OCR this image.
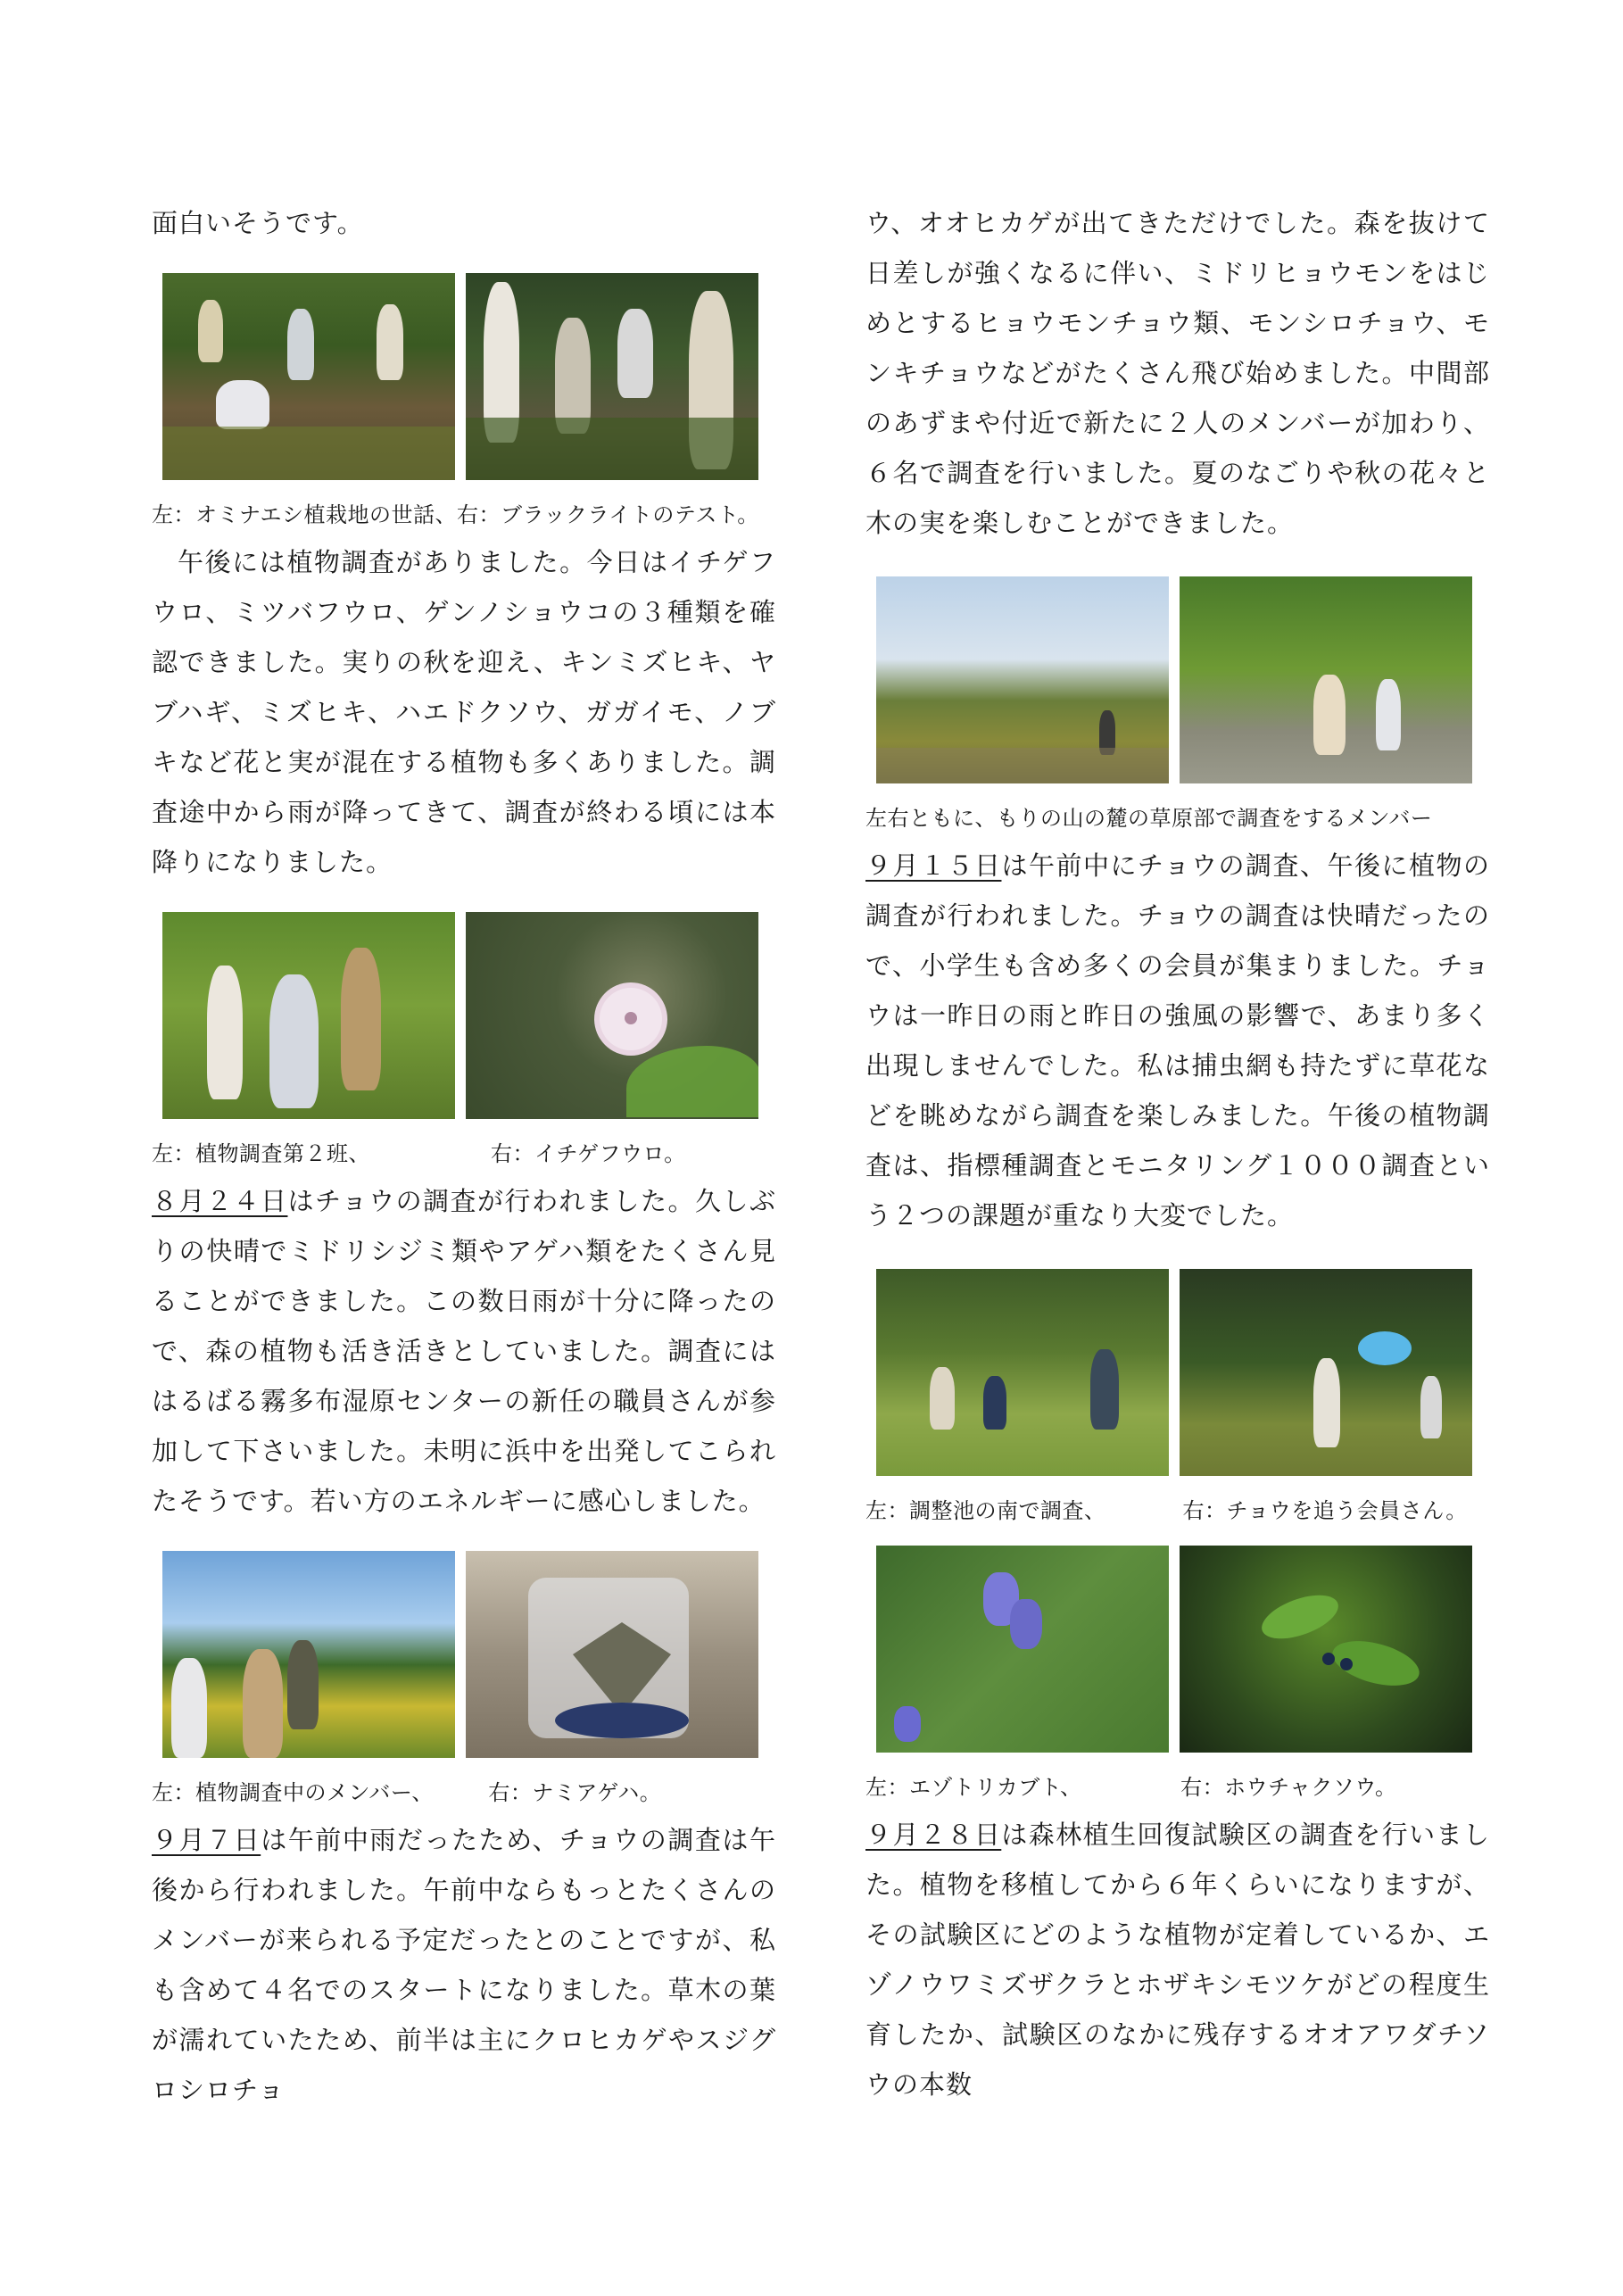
面白いそうです。

左：オミナエシ植栽地の世話、右：ブラックライトのテスト。

午後には植物調査がありました。今日はイチゲフウロ、ミツバフウロ、ゲンノショウコの３種類を確認できました。実りの秋を迎え、キンミズヒキ、ヤブハギ、ミズヒキ、ハエドクソウ、ガガイモ、ノブキなど花と実が混在する植物も多くありました。調査途中から雨が降ってきて、調査が終わる頃には本降りになりました。

左：植物調査第２班、　　　　　　右：イチゲフウロ。

８月２４日はチョウの調査が行われました。久しぶりの快晴でミドリシジミ類やアゲハ類をたくさん見ることができました。この数日雨が十分に降ったので、森の植物も活き活きとしていました。調査にははるばる霧多布湿原センターの新任の職員さんが参加して下さいました。未明に浜中を出発してこられたそうです。若い方のエネルギーに感心しました。

左：植物調査中のメンバー、　　　右：ナミアゲハ。

９月７日は午前中雨だったため、チョウの調査は午後から行われました。午前中ならもっとたくさんのメンバーが来られる予定だったとのことですが、私も含めて４名でのスタートになりました。草木の葉が濡れていたため、前半は主にクロヒカゲやスジグロシロチョ

ウ、オオヒカゲが出てきただけでした。森を抜けて日差しが強くなるに伴い、ミドリヒョウモンをはじめとするヒョウモンチョウ類、モンシロチョウ、モンキチョウなどがたくさん飛び始めました。中間部のあずまや付近で新たに２人のメンバーが加わり、６名で調査を行いました。夏のなごりや秋の花々と木の実を楽しむことができました。

左右ともに、もりの山の麓の草原部で調査をするメンバー

９月１５日は午前中にチョウの調査、午後に植物の調査が行われました。チョウの調査は快晴だったので、小学生も含め多くの会員が集まりました。チョウは一昨日の雨と昨日の強風の影響で、あまり多く出現しませんでした。私は捕虫網も持たずに草花などを眺めながら調査を楽しみました。午後の植物調査は、指標種調査とモニタリング１０００調査という２つの課題が重なり大変でした。

左：調整池の南で調査、　　　　右：チョウを追う会員さん。
左：エゾトリカブト、　　　　　右：ホウチャクソウ。

９月２８日は森林植生回復試験区の調査を行いました。植物を移植してから６年くらいになりますが、その試験区にどのような植物が定着しているか、エゾノウワミズザクラとホザキシモツケがどの程度生育したか、試験区のなかに残存するオオアワダチソウの本数
